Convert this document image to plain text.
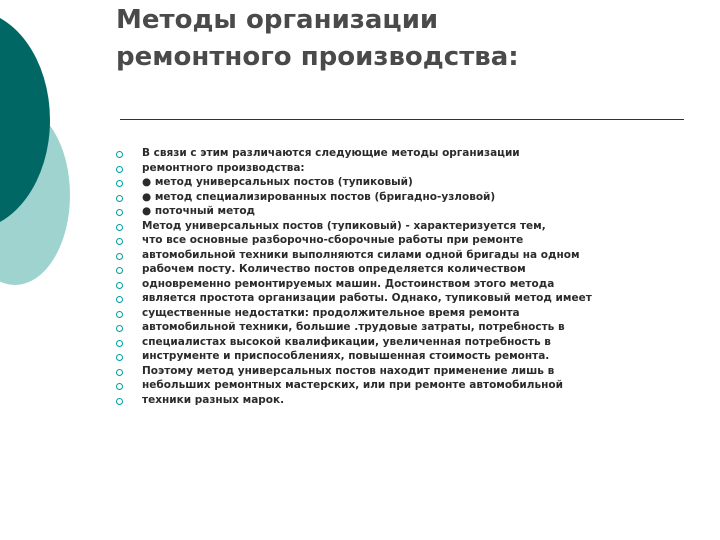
Методы организации
ремонтного производства:
В связи с этим различаются следующие методы организации
ремонтного производства:
● метод универсальных постов (тупиковый)
● метод специализированных постов (бригадно-узловой)
● поточный метод
Метод универсальных постов (тупиковый) - характеризуется тем,
что все основные разборочно-сборочные работы при ремонте
автомобильной техники выполняются силами одной бригады на одном
рабочем посту. Количество постов определяется количеством
одновременно ремонтируемых машин. Достоинством этого метода
является простота организации работы. Однако, тупиковый метод имеет
существенные недостатки: продолжительное время ремонта
автомобильной техники, большие .трудовые затраты, потребность в
специалистах высокой квалификации, увеличенная потребность в
инструменте и приспособлениях, повышенная стоимость ремонта.
Поэтому метод универсальных постов находит применение лишь в
небольших ремонтных мастерских, или при ремонте автомобильной
техники разных марок.
